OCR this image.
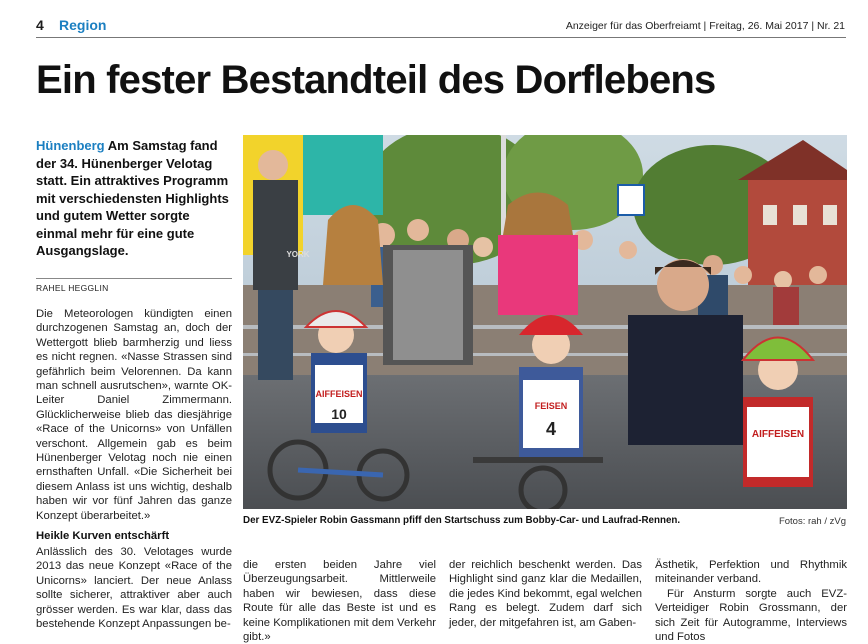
4 Region	Anzeiger für das Oberfreiamt | Freitag, 26. Mai 2017 | Nr. 21
Ein fester Bestandteil des Dorflebens
Hünenberg Am Samstag fand der 34. Hünenberger Velotag statt. Ein attraktives Programm mit verschiedensten Highlights und gutem Wetter sorgte einmal mehr für eine gute Ausgangslage.
RAHEL HEGGLIN

Die Meteorologen kündigten einen durchzogenen Samstag an, doch der Wettergott blieb barmherzig und liess es nicht regnen. «Nasse Strassen sind gefährlich beim Velorennen. Da kann man schnell ausrutschen», warnte OK-Leiter Daniel Zimmermann. Glücklicherweise blieb das diesjährige «Race of the Unicorns» von Unfällen verschont. Allgemein gab es beim Hünenberger Velotag noch nie einen ernsthaften Unfall. «Die Sicherheit bei diesem Anlass ist uns wichtig, deshalb haben wir vor fünf Jahren das ganze Konzept überarbeitet.»

Heikle Kurven entschärft

Anlässlich des 30. Velotages wurde 2013 das neue Konzept «Race of the Unicorns» lanciert. Der neue Anlass sollte sicherer, attraktiver aber auch grösser werden. Es war klar, dass das bestehende Konzept Anpassungen be-

AIFFEISEN
10	FEISEN
4	AIFFEISEN
YORK
Der EVZ-Spieler Robin Gassmann pfiff den Startschuss zum Bobby-Car- und Laufrad-Rennen.	Fotos: rah / zVg

die ersten beiden Jahre viel Überzeugungsarbeit. Mittlerweile haben wir bewiesen, dass diese Route für alle das Beste ist und es keine Komplikationen mit dem Verkehr gibt.»

der reichlich beschenkt werden. Das Highlight sind ganz klar die Medaillen, die jedes Kind bekommt, egal welchen Rang es belegt. Zudem darf sich jeder, der mitgefahren ist, am Gaben-

Ästhetik, Perfektion und Rhythmik miteinander verband.

Für Ansturm sorgte auch EVZ-Verteidiger Robin Grossmann, der sich Zeit für Autogramme, Interviews und Fotos
